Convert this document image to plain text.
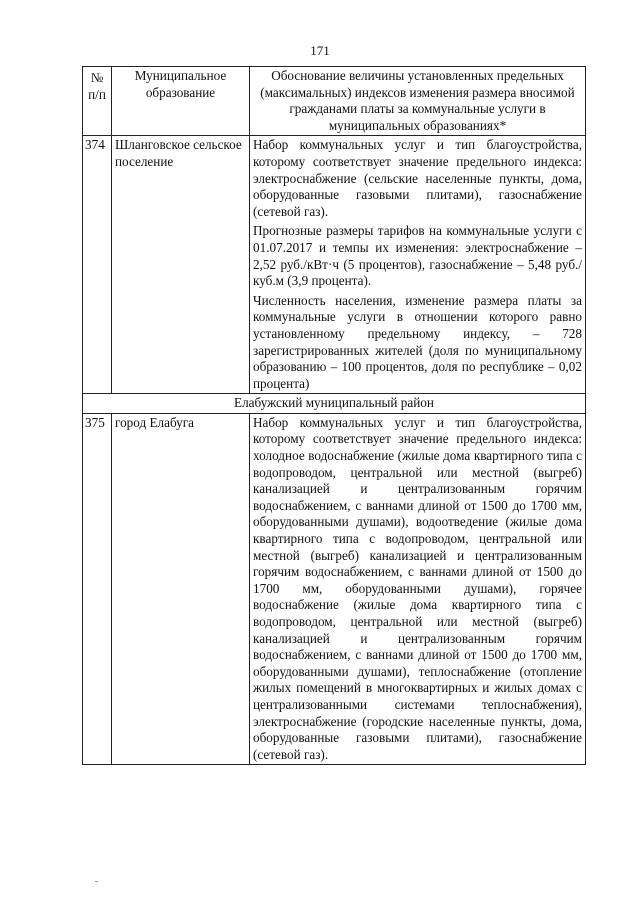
171
№ п/п	Муниципальное образование	Обоснование величины установленных предельных (максимальных) индексов изменения размера вносимой гражданами платы за коммунальные услуги в муниципальных образованиях*
374	Шланговское сельское поселение	Набор коммунальных услуг и тип благоустройства, которому соответствует значение предельного индекса: электроснабжение (сельские населенные пункты, дома, оборудованные газовыми плитами), газоснабжение (сетевой газ).

Прогнозные размеры тарифов на коммунальные услуги с 01.07.2017 и темпы их изменения: электроснабжение – 2,52 руб./кВт·ч (5 процентов), газоснабжение – 5,48 руб./куб.м (3,9 процента).

Численность населения, изменение размера платы за коммунальные услуги в отношении которого равно установленному предельному индексу, – 728 зарегистрированных жителей (доля по муниципальному образованию – 100 процентов, доля по республике – 0,02 процента)

Елабужский муниципальный район		
375	город Елабуга	Набор коммунальных услуг и тип благоустройства, которому соответствует значение предельного индекса: холодное водоснабжение (жилые дома квартирного типа с водопроводом, центральной или местной (выгреб) канализацией и централизованным горячим водоснабжением, с ваннами длиной от 1500 до 1700 мм, оборудованными душами), водоотведение (жилые дома квартирного типа с водопроводом, центральной или местной (выгреб) канализацией и централизованным горячим водоснабжением, с ваннами длиной от 1500 до 1700 мм, оборудованными душами), горячее водоснабжение (жилые дома квартирного типа с водопроводом, центральной или местной (выгреб) канализацией и централизованным горячим водоснабжением, с ваннами длиной от 1500 до 1700 мм, оборудованными душами), теплоснабжение (отопление жилых помещений в многоквартирных и жилых домах с централизованными системами теплоснабжения), электроснабжение (городские населенные пункты, дома, оборудованные газовыми плитами), газоснабжение (сетевой газ).
